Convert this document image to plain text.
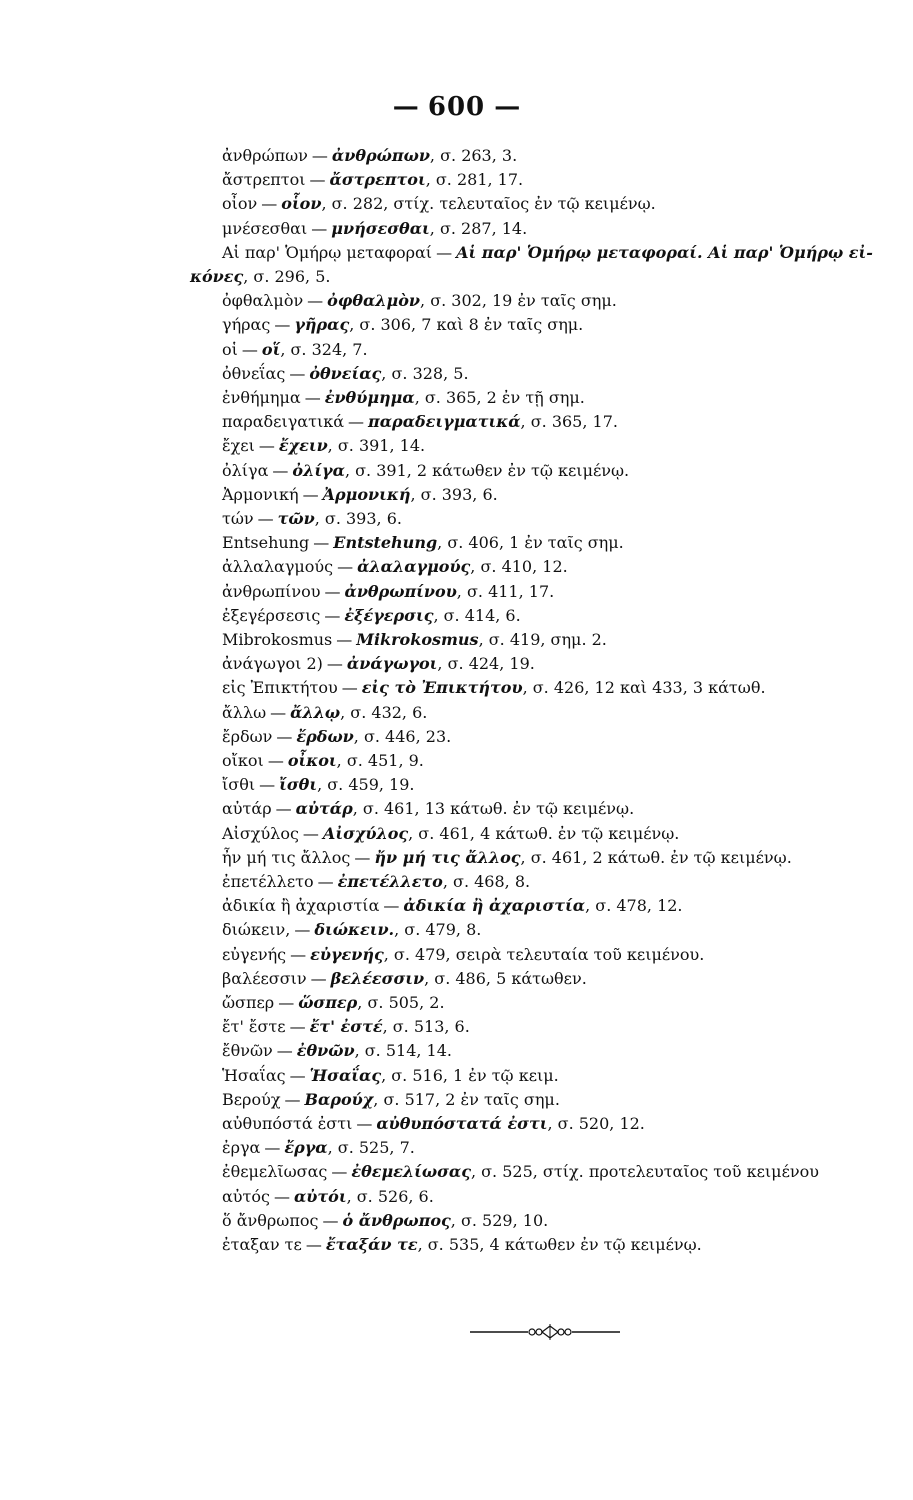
— 600 —
ἀνθρώπων — ἀνθρώπων, σ. 263, 3.
ἄστρεπτοι — ἄστρεπτοι, σ. 281, 17.
οἶον — οἷον, σ. 282, στίχ. τελευταῖος ἐν τῷ κειμένῳ.
μνέσεσθαι — μνήσεσθαι, σ. 287, 14.
Αἱ παρ' Ὁμήρῳ μεταφοραί — Αἱ παρ' Ὁμήρῳ μεταφοραί. Αἱ παρ' Ὁμήρῳ εἰ-
κόνες, σ. 296, 5.
ὀφθαλμὸν — ὀφθαλμὸν, σ. 302, 19 ἐν ταῖς σημ.
γήρας — γῆρας, σ. 306, 7 καὶ 8 ἐν ταῖς σημ.
οἱ — οἵ, σ. 324, 7.
ὀθνεΐας — ὀθνείας, σ. 328, 5.
ἐνθήμημα — ἐνθύμημα, σ. 365, 2 ἐν τῇ σημ.
παραδειγατικά — παραδειγματικά, σ. 365, 17.
ἔχει — ἔχειν, σ. 391, 14.
ὀλίγα — ὀλίγα, σ. 391, 2 κάτωθεν ἐν τῷ κειμένῳ.
Ἀρμονική — Ἀρμονική, σ. 393, 6.
τών — τῶν, σ. 393, 6.
Entsehung — Entstehung, σ. 406, 1 ἐν ταῖς σημ.
ἀλλαλαγμούς — ἀλαλαγμούς, σ. 410, 12.
ἀνθρωπίνου — ἀνθρωπίνου, σ. 411, 17.
ἐξεγέρσεσις — ἐξέγερσις, σ. 414, 6.
Mibrokosmus — Mikrokosmus, σ. 419, σημ. 2.
ἀνάγωγοι 2) — ἀνάγωγοι, σ. 424, 19.
εἰς Ἐπικτήτου — εἰς τὸ Ἐπικτήτου, σ. 426, 12 καὶ 433, 3 κάτωθ.
ἄλλω — ἄλλῳ, σ. 432, 6.
ἔρδων — ἔρδων, σ. 446, 23.
οἴκοι — οἶκοι, σ. 451, 9.
ἴσθι — ἴσθι, σ. 459, 19.
αὐτάρ — αὐτάρ, σ. 461, 13 κάτωθ. ἐν τῷ κειμένῳ.
Αἰσχύλος — Αἰσχύλος, σ. 461, 4 κάτωθ. ἐν τῷ κειμένῳ.
ἦν μή τις ἄλλος — ἤν μή τις ἄλλος, σ. 461, 2 κάτωθ. ἐν τῷ κειμένῳ.
ἐπετέλλετο — ἐπετέλλετο, σ. 468, 8.
ἀδικία ἢ ἀχαριστία — ἀδικία ἢ ἀχαριστία, σ. 478, 12.
διώκειν, — διώκειν., σ. 479, 8.
εὐγενής — εὐγενής, σ. 479, σειρὰ τελευταία τοῦ κειμένου.
βαλέεσσιν — βελέεσσιν, σ. 486, 5 κάτωθεν.
ὤσπερ — ὥσπερ, σ. 505, 2.
ἔτ' ἔστε — ἔτ' ἐστέ, σ. 513, 6.
ἔθνῶν — ἐθνῶν, σ. 514, 14.
Ἡσαΐας — Ἡσαΐας, σ. 516, 1 ἐν τῷ κειμ.
Βερούχ — Βαρούχ, σ. 517, 2 ἐν ταῖς σημ.
αὐθυπόστά ἐστι — αὐθυπόστατά ἐστι, σ. 520, 12.
ἐργα — ἔργα, σ. 525, 7.
ἐθεμελῖωσας — ἐθεμελίωσας, σ. 525, στίχ. προτελευταῖος τοῦ κειμένου
αὐτός — αὐτόι, σ. 526, 6.
ὅ ἄνθρωπος — ὁ ἄνθρωπος, σ. 529, 10.
ἐταξαν τε — ἔταξάν τε, σ. 535, 4 κάτωθεν ἐν τῷ κειμένῳ.
